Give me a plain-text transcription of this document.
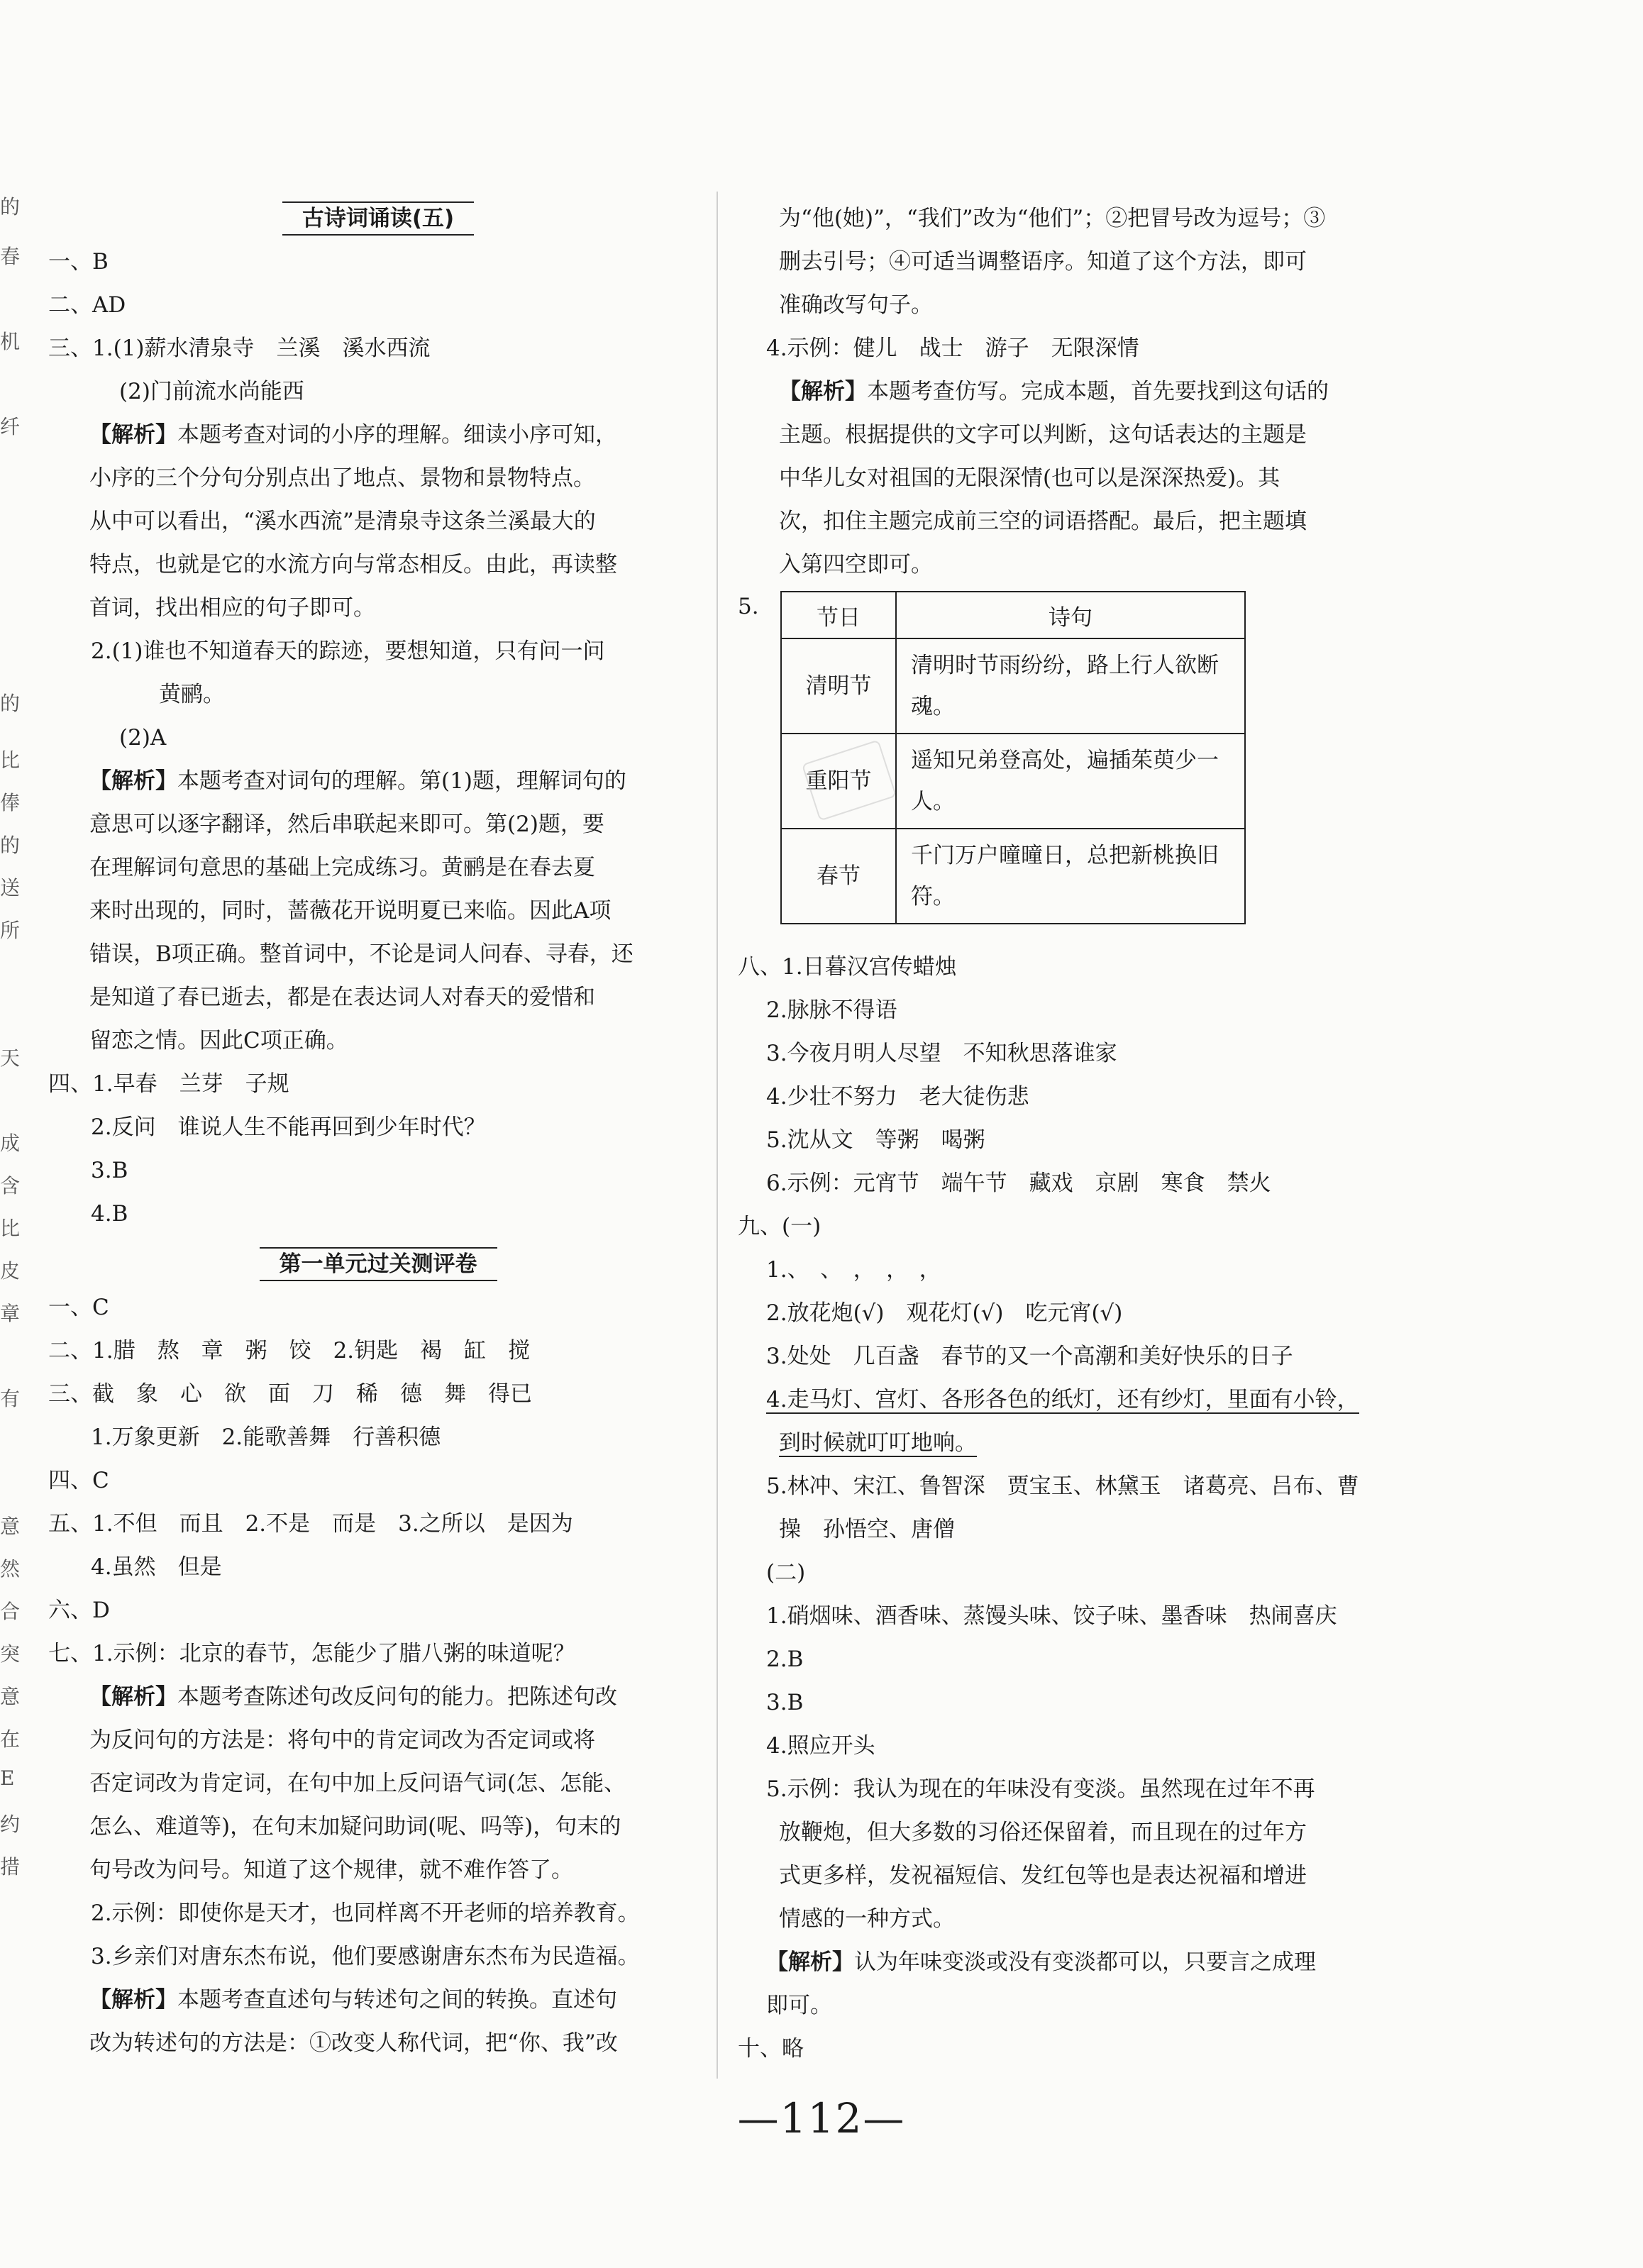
的
春
机
纤
的
比
俸
的
送
所
天
成
含
比
皮
章
有
意
然
合
突
意
在
E
约
措
古诗词诵读(五)
一、B
二、AD
三、1.(1)薪水清泉寺　兰溪　溪水西流
(2)门前流水尚能西
【解析】本题考查对词的小序的理解。细读小序可知，
小序的三个分句分别点出了地点、景物和景物特点。
从中可以看出，“溪水西流”是清泉寺这条兰溪最大的
特点，也就是它的水流方向与常态相反。由此，再读整
首词，找出相应的句子即可。
2.(1)谁也不知道春天的踪迹，要想知道，只有问一问
黄鹂。
(2)A
【解析】本题考查对词句的理解。第(1)题，理解词句的
意思可以逐字翻译，然后串联起来即可。第(2)题，要
在理解词句意思的基础上完成练习。黄鹂是在春去夏
来时出现的，同时，蔷薇花开说明夏已来临。因此A项
错误，B项正确。整首词中，不论是词人问春、寻春，还
是知道了春已逝去，都是在表达词人对春天的爱惜和
留恋之情。因此C项正确。
四、1.早春　兰芽　子规
2.反问　谁说人生不能再回到少年时代？
3.B
4.B
第一单元过关测评卷
一、C
二、1.腊　熬　章　粥　饺　2.钥匙　褐　缸　搅
三、截　象　心　欲　面　刀　稀　德　舞　得已
1.万象更新　2.能歌善舞　行善积德
四、C
五、1.不但　而且　2.不是　而是　3.之所以　是因为
4.虽然　但是
六、D
七、1.示例：北京的春节，怎能少了腊八粥的味道呢？
【解析】本题考查陈述句改反问句的能力。把陈述句改
为反问句的方法是：将句中的肯定词改为否定词或将
否定词改为肯定词，在句中加上反问语气词(怎、怎能、
怎么、难道等)，在句末加疑问助词(呢、吗等)，句末的
句号改为问号。知道了这个规律，就不难作答了。
2.示例：即使你是天才，也同样离不开老师的培养教育。
3.乡亲们对唐东杰布说，他们要感谢唐东杰布为民造福。
【解析】本题考查直述句与转述句之间的转换。直述句
改为转述句的方法是：①改变人称代词，把“你、我”改
为“他(她)”，“我们”改为“他们”；②把冒号改为逗号；③
删去引号；④可适当调整语序。知道了这个方法，即可
准确改写句子。
4.示例：健儿　战士　游子　无限深情
【解析】本题考查仿写。完成本题，首先要找到这句话的
主题。根据提供的文字可以判断，这句话表达的主题是
中华儿女对祖国的无限深情(也可以是深深热爱)。其
次，扣住主题完成前三空的词语搭配。最后，把主题填
入第四空即可。
5.	节日	诗句
清明节	清明时节雨纷纷，路上行人欲断魂。
重阳节	遥知兄弟登高处，遍插茱萸少一人。
春节	千门万户曈曈日，总把新桃换旧符。
八、1.日暮汉宫传蜡烛
2.脉脉不得语
3.今夜月明人尽望　不知秋思落谁家
4.少壮不努力　老大徒伤悲
5.沈从文　等粥　喝粥
6.示例：元宵节　端午节　藏戏　京剧　寒食　禁火
九、(一)
1.、　、　，　，　，
2.放花炮(√)　观花灯(√)　吃元宵(√)
3.处处　几百盏　春节的又一个高潮和美好快乐的日子
4.走马灯、宫灯、各形各色的纸灯，还有纱灯，里面有小铃，
到时候就叮叮地响。
5.林冲、宋江、鲁智深　贾宝玉、林黛玉　诸葛亮、吕布、曹
操　孙悟空、唐僧
(二)
1.硝烟味、酒香味、蒸馒头味、饺子味、墨香味　热闹喜庆
2.B
3.B
4.照应开头
5.示例：我认为现在的年味没有变淡。虽然现在过年不再
放鞭炮，但大多数的习俗还保留着，而且现在的过年方
式更多样，发祝福短信、发红包等也是表达祝福和增进
情感的一种方式。
【解析】认为年味变淡或没有变淡都可以，只要言之成理
即可。
十、略
—112—
